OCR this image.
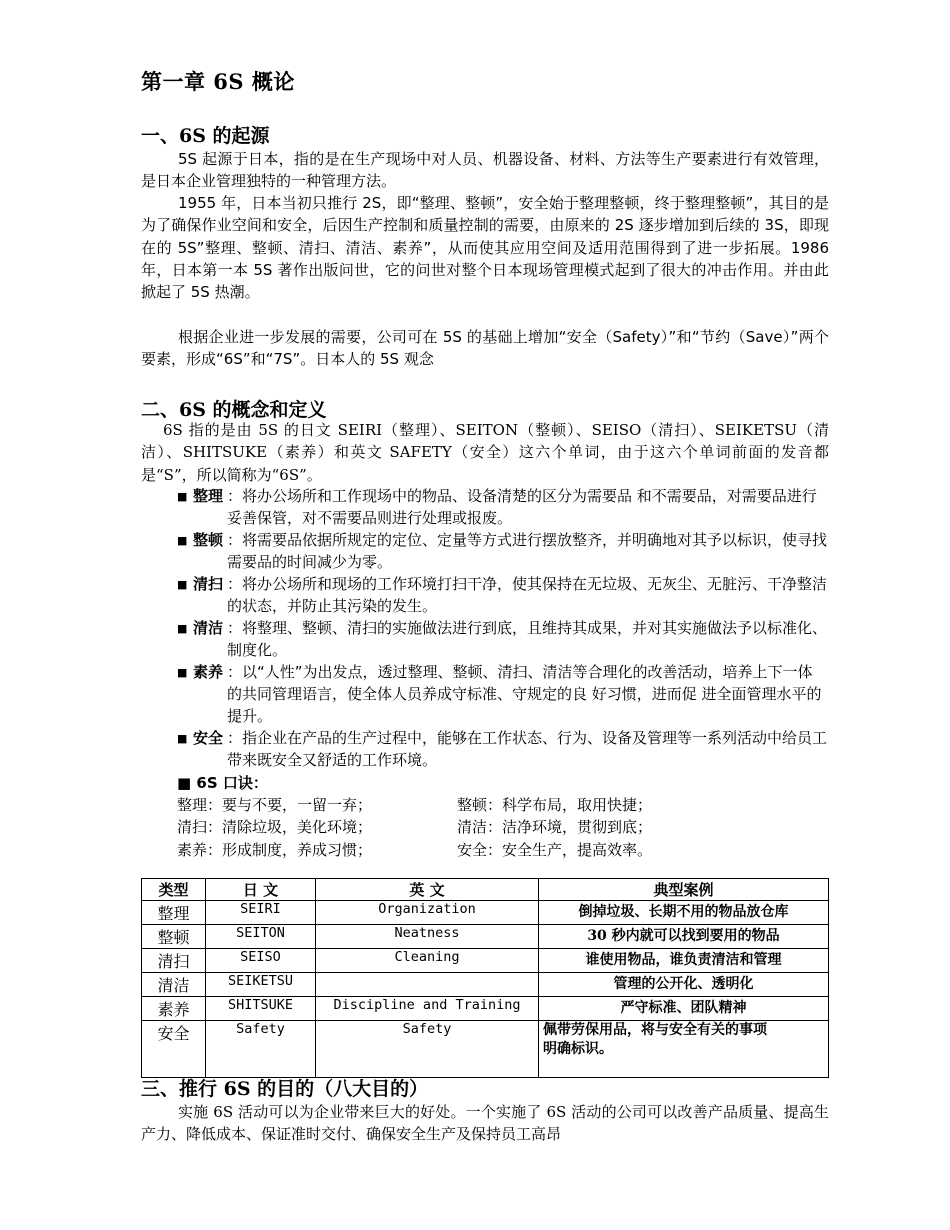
第一章 6S 概论
一、6S 的起源
5S 起源于日本，指的是在生产现场中对人员、机器设备、材料、方法等生产要素进行有效管理，是日本企业管理独特的一种管理方法。
1955 年，日本当初只推行 2S，即“整理、整顿”，安全始于整理整顿，终于整理整顿”，其目的是为了确保作业空间和安全，后因生产控制和质量控制的需要，由原来的 2S 逐步增加到后续的 3S，即现在的 5S”整理、整顿、清扫、清洁、素养”，从而使其应用空间及适用范围得到了进一步拓展。1986 年，日本第一本 5S 著作出版问世，它的问世对整个日本现场管理模式起到了很大的冲击作用。并由此掀起了 5S 热潮。
根据企业进一步发展的需要，公司可在 5S 的基础上增加“安全（Safety）”和“节约（Save）”两个要素，形成“6S”和“7S”。日本人的 5S 观念
二、6S 的概念和定义
6S 指的是由 5S 的日文 SEIRI（整理）、SEITON（整顿）、SEISO（清扫）、SEIKETSU（清洁）、SHITSUKE（素养）和英文 SAFETY（安全）这六个单词，由于这六个单词前面的发音都是“S”，所以简称为“6S”。
■ 整理 ：将办公场所和工作现场中的物品、设备清楚的区分为需要品 和不需要品，对需要品进行妥善保管，对不需要品则进行处理或报废。
■ 整顿 ：将需要品依据所规定的定位、定量等方式进行摆放整齐，并明确地对其予以标识，使寻找需要品的时间减少为零。
■ 清扫 ：将办公场所和现场的工作环境打扫干净，使其保持在无垃圾、无灰尘、无脏污、干净整洁的状态，并防止其污染的发生。
■ 清洁 ：将整理、整顿、清扫的实施做法进行到底，且维持其成果，并对其实施做法予以标准化、制度化。
■ 素养 ：以“人性”为出发点，透过整理、整顿、清扫、清洁等合理化的改善活动，培养上下一体的共同管理语言，使全体人员养成守标准、守规定的良 好习惯，进而促 进全面管理水平的提升。
■ 安全 ：指企业在产品的生产过程中，能够在工作状态、行为、设备及管理等一系列活动中给员工带来既安全又舒适的工作环境。
■ 6S 口诀：
整理：要与不要，一留一弃；	整顿：科学布局，取用快捷；
清扫：清除垃圾，美化环境；	清洁：洁净环境，贯彻到底；
素养：形成制度，养成习惯；	安全：安全生产，提高效率。
类型	日 文	英 文	典型案例
整理	SEIRI	Organization	倒掉垃圾、长期不用的物品放仓库
整顿	SEITON	Neatness	30 秒内就可以找到要用的物品
清扫	SEISO	Cleaning	谁使用物品，谁负责清洁和管理
清洁	SEIKETSU		管理的公开化、透明化
素养	SHITSUKE	Discipline and Training	严守标准、团队精神
安全	Safety	Safety	佩带劳保用品，将与安全有关的事项
明确标识。
三、推行 6S 的目的（八大目的）
实施 6S 活动可以为企业带来巨大的好处。一个实施了 6S 活动的公司可以改善产品质量、提高生产力、降低成本、保证准时交付、确保安全生产及保持员工高昂
